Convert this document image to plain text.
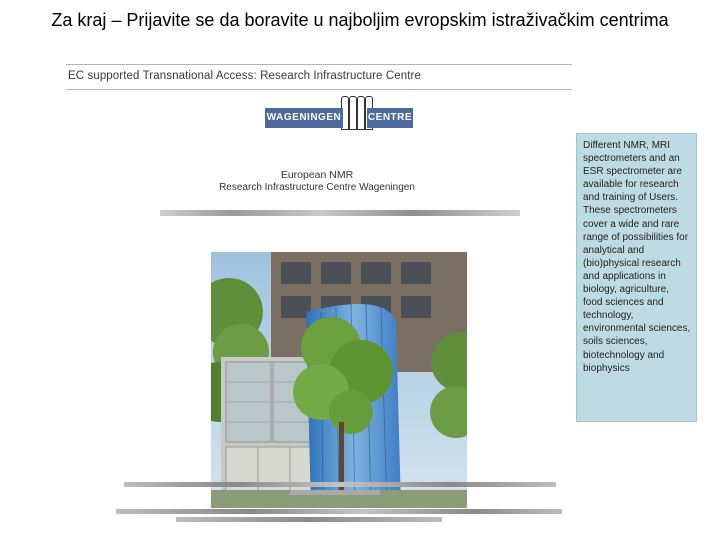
Za kraj – Prijavite se da boravite u najboljim evropskim istraživačkim centrima
EC supported Transnational Access: Research Infrastructure Centre
WAGENINGEN	CENTRE
European NMR
Research Infrastructure Centre Wageningen

Different NMR, MRI spectrometers and an ESR spectrometer are available for research and training of Users. These spectrometers cover a wide and rare range of possibilities for analytical and (bio)physical research and applications in biology, agriculture, food sciences and technology, environmental sciences, soils sciences, biotechnology and biophysics
